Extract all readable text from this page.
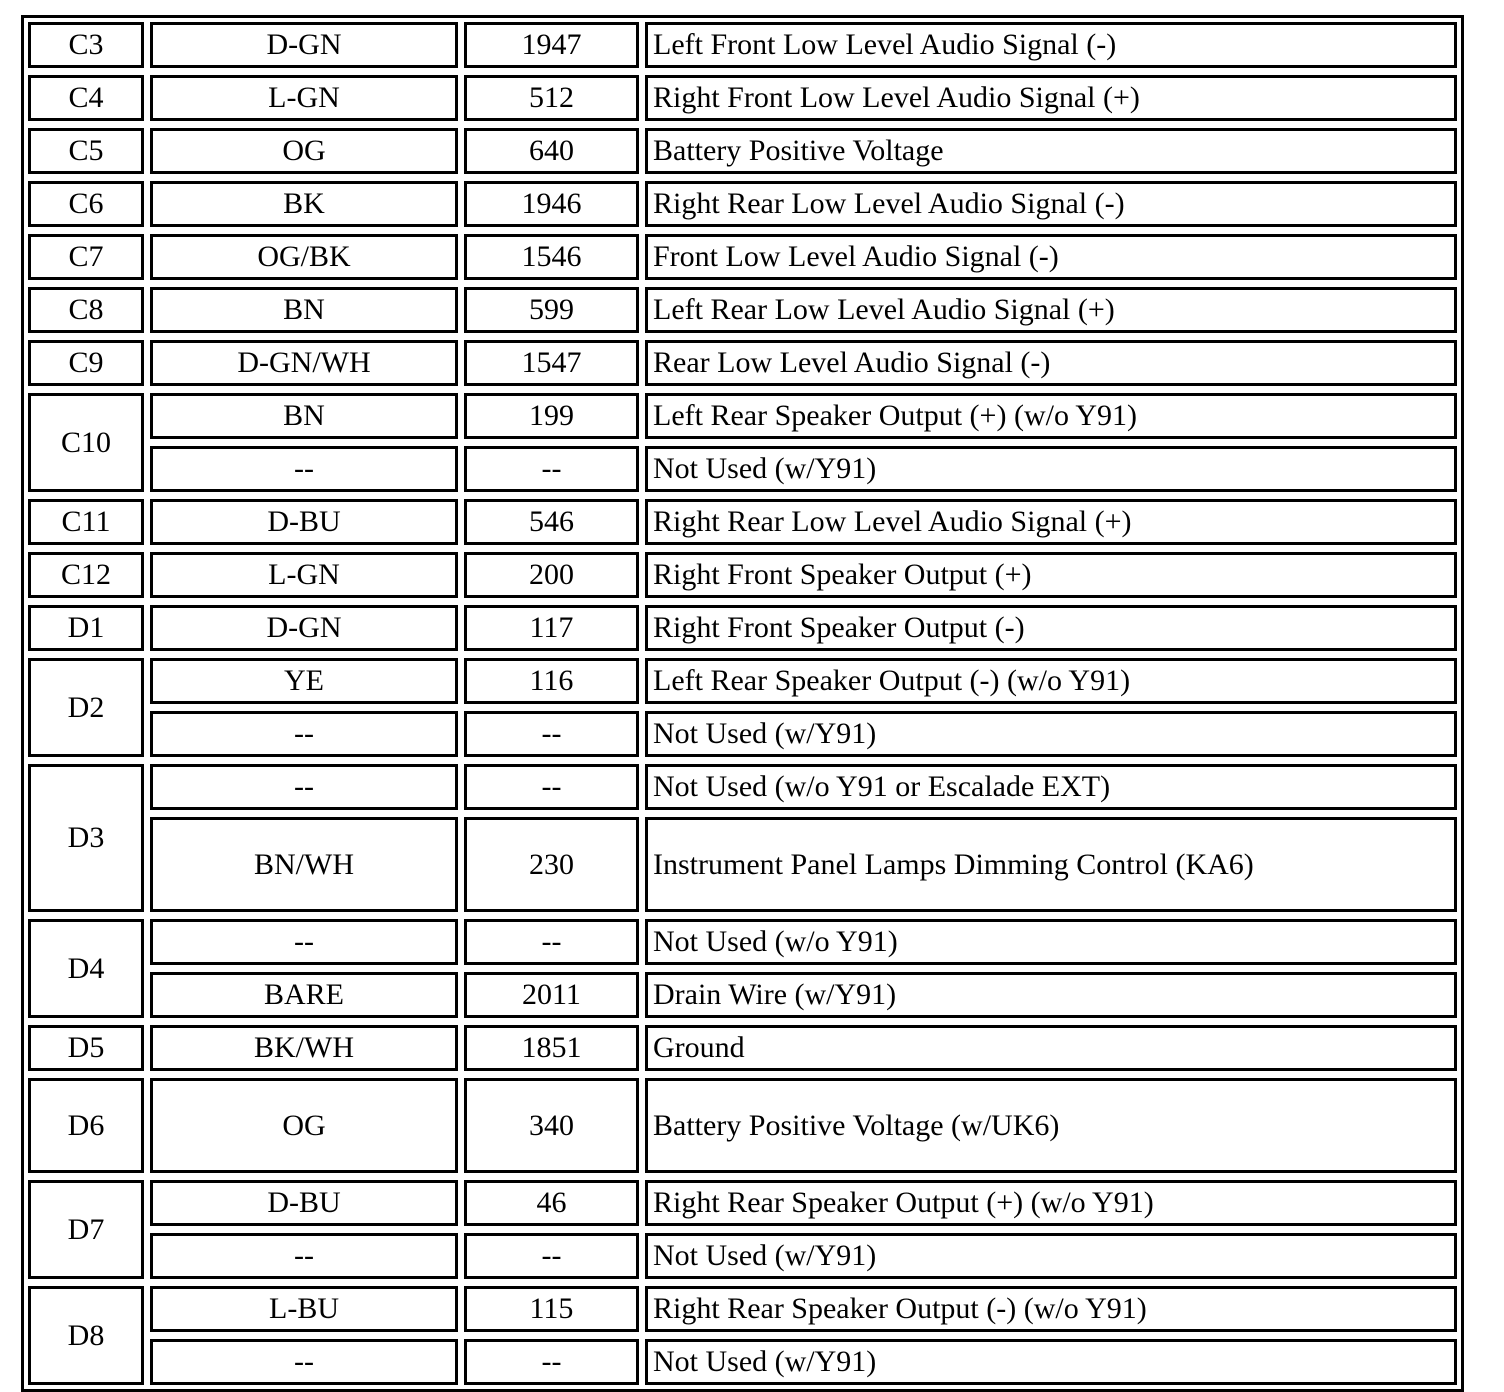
C3	D-GN	1947	Left Front Low Level Audio Signal (-)
C4	L-GN	512	Right Front Low Level Audio Signal (+)
C5	OG	640	Battery Positive Voltage
C6	BK	1946	Right Rear Low Level Audio Signal (-)
C7	OG/BK	1546	Front Low Level Audio Signal (-)
C8	BN	599	Left Rear Low Level Audio Signal (+)
C9	D-GN/WH	1547	Rear Low Level Audio Signal (-)
C10
BN	199	Left Rear Speaker Output (+) (w/o Y91)
--	--	Not Used (w/Y91)
C11	D-BU	546	Right Rear Low Level Audio Signal (+)
C12	L-GN	200	Right Front Speaker Output (+)
D1	D-GN	117	Right Front Speaker Output (-)
D2
YE	116	Left Rear Speaker Output (-) (w/o Y91)
--	--	Not Used (w/Y91)
D3
--	--	Not Used (w/o Y91 or Escalade EXT)
BN/WH	230	Instrument Panel Lamps Dimming Control (KA6)
D4
--	--	Not Used (w/o Y91)
BARE	2011	Drain Wire (w/Y91)
D5	BK/WH	1851	Ground
D6	OG	340	Battery Positive Voltage (w/UK6)
D7
D-BU	46	Right Rear Speaker Output (+) (w/o Y91)
--	--	Not Used (w/Y91)
D8
L-BU	115	Right Rear Speaker Output (-) (w/o Y91)
--	--	Not Used (w/Y91)
